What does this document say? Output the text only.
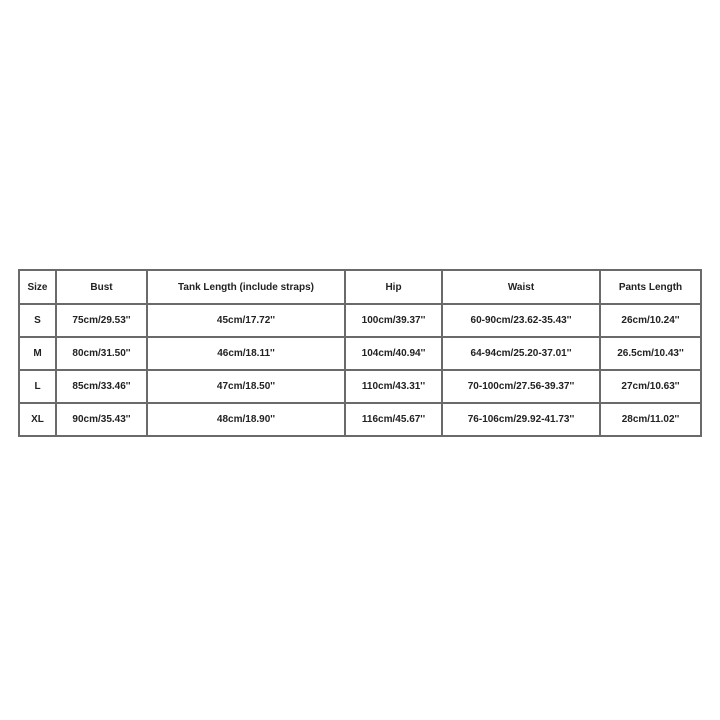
Size	Bust	Tank Length (include straps)	Hip	Waist	Pants Length
S	75cm/29.53''	45cm/17.72''	100cm/39.37''	60-90cm/23.62-35.43''	26cm/10.24''
M	80cm/31.50''	46cm/18.11''	104cm/40.94''	64-94cm/25.20-37.01''	26.5cm/10.43''
L	85cm/33.46''	47cm/18.50''	110cm/43.31''	70-100cm/27.56-39.37''	27cm/10.63''
XL	90cm/35.43''	48cm/18.90''	116cm/45.67''	76-106cm/29.92-41.73''	28cm/11.02''
